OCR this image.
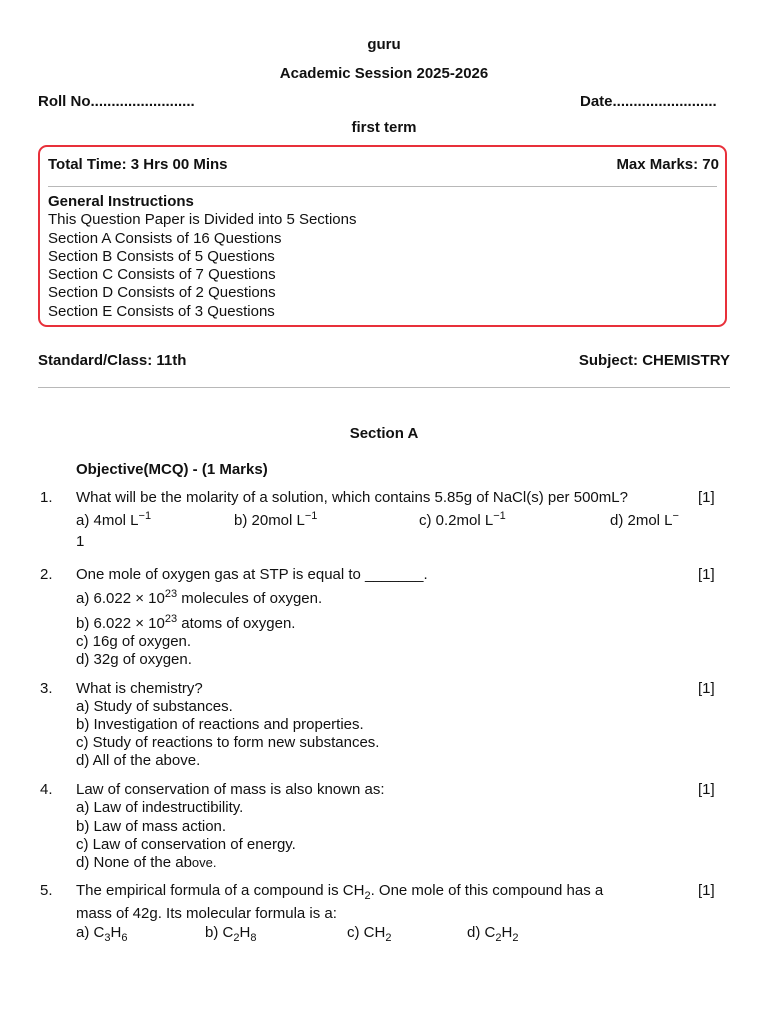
guru
Academic Session 2025-2026
Roll No.........................	Date.........................
first term
Total Time: 3 Hrs 00 Mins	Max Marks: 70
General Instructions
This Question Paper is Divided into 5 Sections
Section A Consists of 16 Questions
Section B Consists of 5 Questions
Section C Consists of 7 Questions
Section D Consists of 2 Questions
Section E Consists of 3 Questions
Standard/Class: 11th	Subject: CHEMISTRY
Section A
Objective(MCQ) - (1 Marks)
1.	[1]
What will be the molarity of a solution, which contains 5.85g of NaCl(s) per 500mL?
a) 4mol $L^{-1}$	b) 20mol $L^{-1}$	c) 0.2mol $L^{-1}$	d) 2mol L−
1
2.	[1]
One mole of oxygen gas at STP is equal to _______.
a) $6.022 \times 10^{23}$ molecules of oxygen.
b) $6.022 \times 10^{23}$ atoms of oxygen.
c) 16g of oxygen.
d) 32g of oxygen.
3.	[1]
What is chemistry?
a) Study of substances.
b) Investigation of reactions and properties.
c) Study of reactions to form new substances.
d) All of the above.
4.	[1]
Law of conservation of mass is also known as:
a) Law of indestructibility.
b) Law of mass action.
c) Law of conservation of energy.
d) None of the above.
5.	[1]
The empirical formula of a compound is $CH_2$. One mole of this compound has a
mass of 42g. Its molecular formula is a:
a) $C_3H_6$	b) $C_2H_8$	c) $CH_2$	d) $C_2H_2$
